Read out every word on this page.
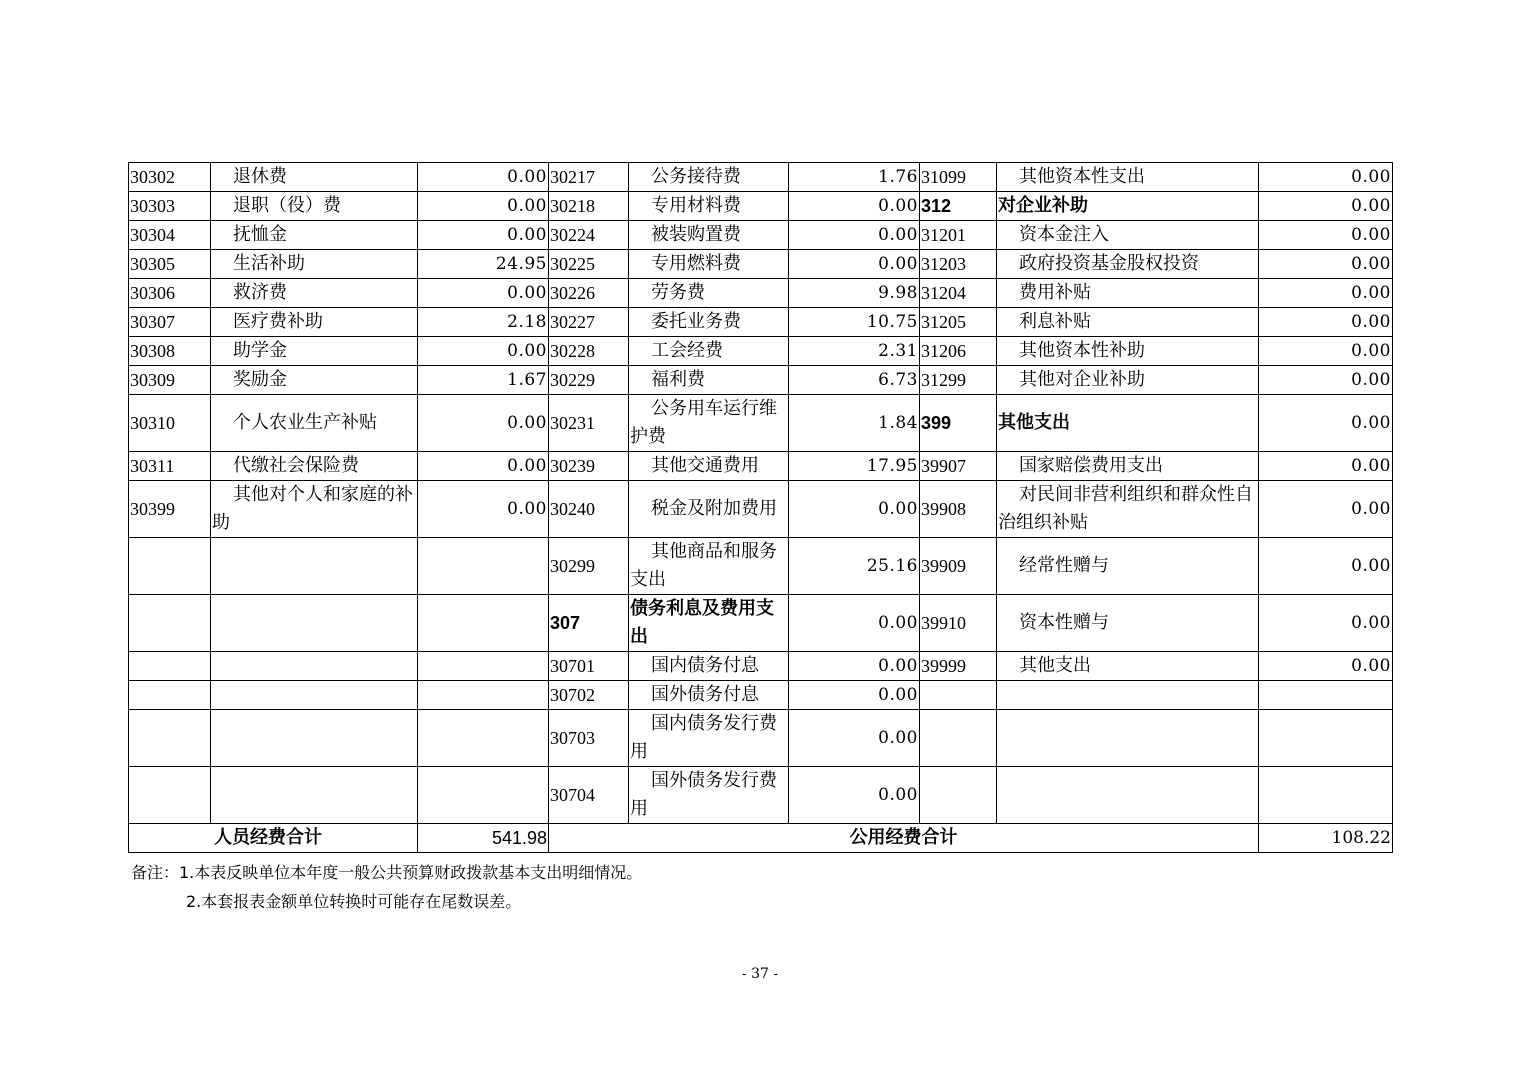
30302	退休费	0.00	30217	公务接待费	1.76	31099	其他资本性支出	0.00
30303	退职（役）费	0.00	30218	专用材料费	0.00	312	对企业补助	0.00
30304	抚恤金	0.00	30224	被装购置费	0.00	31201	资本金注入	0.00
30305	生活补助	24.95	30225	专用燃料费	0.00	31203	政府投资基金股权投资	0.00
30306	救济费	0.00	30226	劳务费	9.98	31204	费用补贴	0.00
30307	医疗费补助	2.18	30227	委托业务费	10.75	31205	利息补贴	0.00
30308	助学金	0.00	30228	工会经费	2.31	31206	其他资本性补助	0.00
30309	奖励金	1.67	30229	福利费	6.73	31299	其他对企业补助	0.00
30310	个人农业生产补贴	0.00	30231	公务用车运行维护费	1.84	399	其他支出	0.00
30311	代缴社会保险费	0.00	30239	其他交通费用	17.95	39907	国家赔偿费用支出	0.00
30399	其他对个人和家庭的补助	0.00	30240	税金及附加费用	0.00	39908	对民间非营利组织和群众性自治组织补贴	0.00
			30299	其他商品和服务支出	25.16	39909	经常性赠与	0.00
			307	债务利息及费用支出	0.00	39910	资本性赠与	0.00
			30701	国内债务付息	0.00	39999	其他支出	0.00
			30702	国外债务付息	0.00			
			30703	国内债务发行费用	0.00			
			30704	国外债务发行费用	0.00			
人员经费合计		541.98	公用经费合计					108.22
备注：1.本表反映单位本年度一般公共预算财政拨款基本支出明细情况。
2.本套报表金额单位转换时可能存在尾数误差。
- 37 -
